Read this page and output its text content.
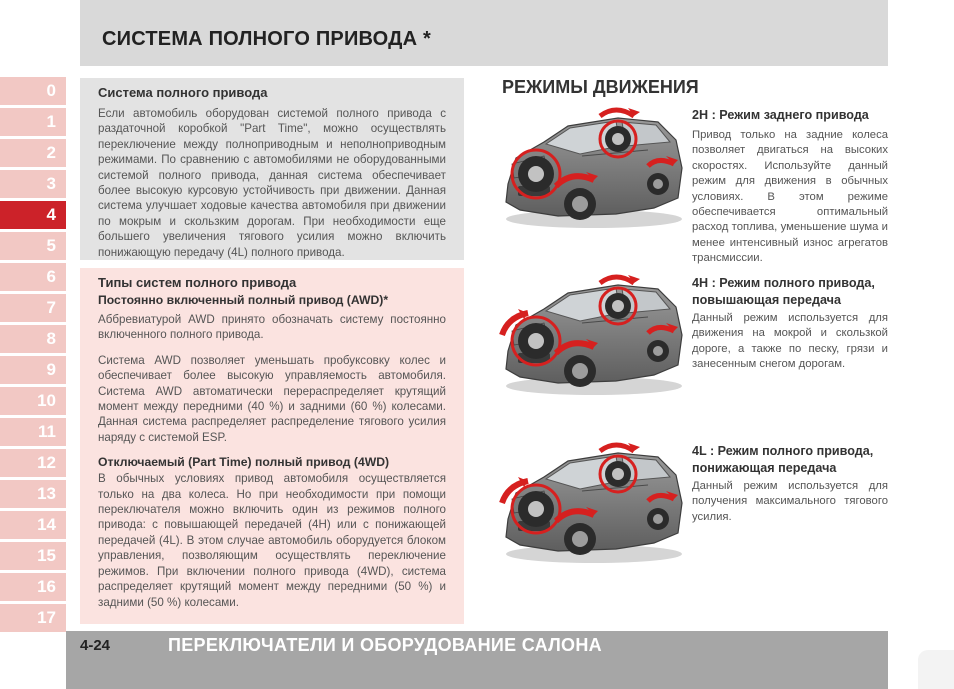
СИСТЕМА ПОЛНОГО ПРИВОДА *
0
1
2
3
4
5
6
7
8
9
10
11
12
13
14
15
16
17
Система полного привода

Если автомобиль оборудован системой полного привода с раздаточной коробкой "Part Time", можно осуществлять переключение между полноприводным и неполноприводным режимами. По сравнению с автомобилями не оборудованными системой полного привода, данная система обеспечивает более высокую курсовую устойчивость при движении. Данная система улучшает ходовые качества автомобиля при движении по мокрым и скользким дорогам. При необходимости еще большего увеличения тягового усилия можно включить понижающую передачу (4L) полного привода.

Типы систем полного привода
Постоянно включенный полный привод (AWD)*

Аббревиатурой AWD принято обозначать систему постоянно включенного полного привода.

Система AWD позволяет уменьшать пробуксовку колес и обеспечивает более высокую управляемость автомобиля. Система AWD автоматически перераспределяет крутящий момент между передними (40 %) и задними (60 %) колесами. Данная система распределяет распределение тягового усилия наряду с системой ESP.

Отключаемый (Part Time) полный привод (4WD)

В обычных условиях привод автомобиля осуществляется только на два колеса. Но при необходимости при помощи переключателя можно включить один из режимов полного привода: с повышающей передачей (4H) или с понижающей передачей (4L). В этом случае автомобиль оборудуется блоком управления, позволяющим осуществлять переключение режимов. При включении полного привода (4WD), система распределяет крутящий момент между передними (50 %) и задними (50 %) колесами.

РЕЖИМЫ ДВИЖЕНИЯ
2H : Режим заднего привода

Привод только на задние колеса позволяет двигаться на высоких скоростях. Используйте данный режим для движения в обычных условиях. В этом режиме обеспечивается оптимальный расход топлива, уменьшение шума и менее интенсивный износ агрегатов трансмиссии.

4H : Режим полного привода, повышающая передача

Данный режим используется для движения на мокрой и скользкой дороге, а также по песку, грязи и занесенным снегом дорогам.

4L : Режим полного привода, понижающая передача

Данный режим используется для получения максимального тягового усилия.

4-24	ПЕРЕКЛЮЧАТЕЛИ И ОБОРУДОВАНИЕ САЛОНА
